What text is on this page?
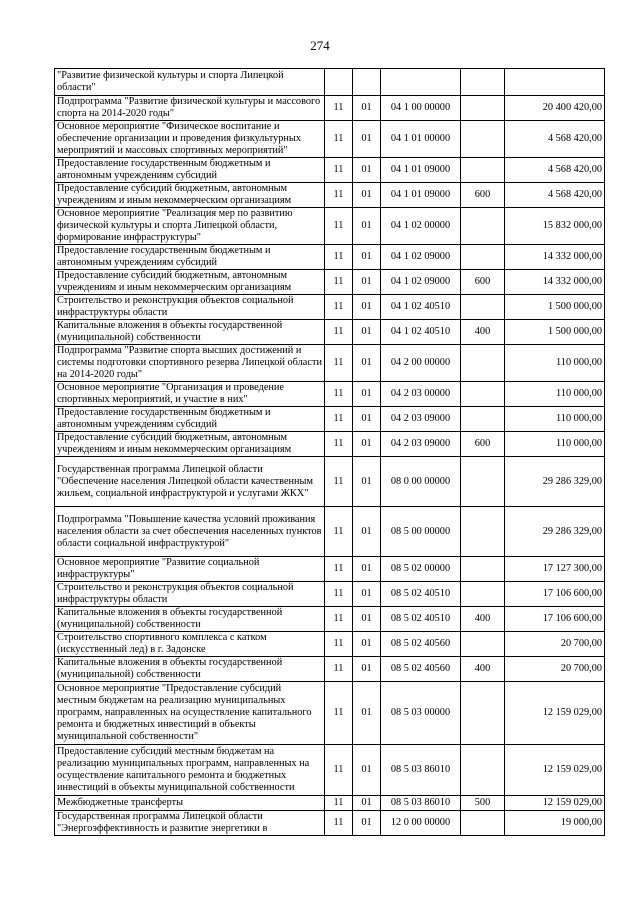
274
"Развитие физической культуры и спорта Липецкой области"					
Подпрограмма "Развитие физической культуры и массового спорта на 2014-2020 годы"	11	01	04 1 00 00000		20 400 420,00
Основное мероприятие "Физическое воспитание и обеспечение организации и проведения физкультурных мероприятий и массовых спортивных мероприятий"	11	01	04 1 01 00000		4 568 420,00
Предоставление государственным бюджетным и автономным учреждениям субсидий	11	01	04 1 01 09000		4 568 420,00
Предоставление субсидий бюджетным, автономным учреждениям и иным некоммерческим организациям	11	01	04 1 01 09000	600	4 568 420,00
Основное мероприятие "Реализация мер по развитию физической культуры и спорта Липецкой области, формирование инфраструктуры"	11	01	04 1 02 00000		15 832 000,00
Предоставление государственным бюджетным и автономным учреждениям субсидий	11	01	04 1 02 09000		14 332 000,00
Предоставление субсидий бюджетным, автономным учреждениям и иным некоммерческим организациям	11	01	04 1 02 09000	600	14 332 000,00
Строительство и реконструкция объектов социальной инфраструктуры области	11	01	04 1 02 40510		1 500 000,00
Капитальные вложения в объекты государственной (муниципальной) собственности	11	01	04 1 02 40510	400	1 500 000,00
Подпрограмма "Развитие спорта высших достижений и системы подготовки спортивного резерва Липецкой области на 2014-2020 годы"	11	01	04 2 00 00000		110 000,00
Основное мероприятие "Организация и проведение спортивных мероприятий, и участие в них"	11	01	04 2 03 00000		110 000,00
Предоставление государственным бюджетным и автономным учреждениям субсидий	11	01	04 2 03 09000		110 000,00
Предоставление субсидий бюджетным, автономным учреждениям и иным некоммерческим организациям	11	01	04 2 03 09000	600	110 000,00
Государственная программа Липецкой области "Обеспечение населения Липецкой области качественным жильем, социальной инфраструктурой и услугами ЖКХ"	11	01	08 0 00 00000		29 286 329,00
Подпрограмма "Повышение качества условий проживания населения области за счет обеспечения населенных пунктов области социальной инфраструктурой"	11	01	08 5 00 00000		29 286 329,00
Основное мероприятие "Развитие социальной инфраструктуры"	11	01	08 5 02 00000		17 127 300,00
Строительство и реконструкция объектов социальной инфраструктуры области	11	01	08 5 02 40510		17 106 600,00
Капитальные вложения в объекты государственной (муниципальной) собственности	11	01	08 5 02 40510	400	17 106 600,00
Строительство спортивного комплекса с катком (искусственный лед) в г. Задонске	11	01	08 5 02 40560		20 700,00
Капитальные вложения в объекты государственной (муниципальной) собственности	11	01	08 5 02 40560	400	20 700,00
Основное мероприятие "Предоставление субсидий местным бюджетам на реализацию муниципальных программ, направленных на осуществление капитального ремонта и бюджетных инвестиций в объекты муниципальной собственности"	11	01	08 5 03 00000		12 159 029,00
Предоставление субсидий местным бюджетам на реализацию муниципальных программ, направленных на осуществление капитального ремонта и бюджетных инвестиций в объекты муниципальной собственности	11	01	08 5 03 86010		12 159 029,00
Межбюджетные трансферты	11	01	08 5 03 86010	500	12 159 029,00
Государственная программа Липецкой области "Энергоэффективность и развитие энергетики в	11	01	12 0 00 00000		19 000,00
